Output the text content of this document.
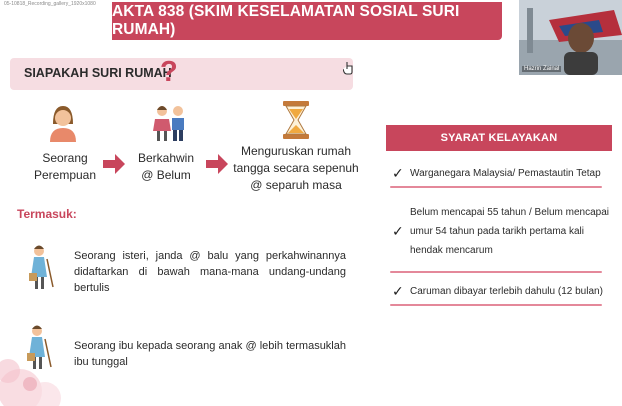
05-10818_Recording_gallery_1920x1080 AKTA 838 (SKIM KESELAMATAN SOSIAL SURI RUMAH)
Hazrin Zainal
SIAPAKAH SURI RUMAH
?
Seorang
Perempuan
Berkahwin
@ Belum
Menguruskan rumah
tangga secara sepenuh
@ separuh masa
Termasuk:
Seorang isteri, janda @ balu yang perkahwinannya didaftarkan di bawah mana-mana undang-undang bertulis
Seorang ibu kepada seorang anak @ lebih termasuklah ibu tunggal
SYARAT KELAYAKAN
✓ Warganegara Malaysia/ Pemastautin Tetap
Belum mencapai 55 tahun / Belum mencapai
umur 54 tahun pada tarikh pertama kali
hendak mencarum
✓
✓ Caruman dibayar terlebih dahulu (12 bulan)
